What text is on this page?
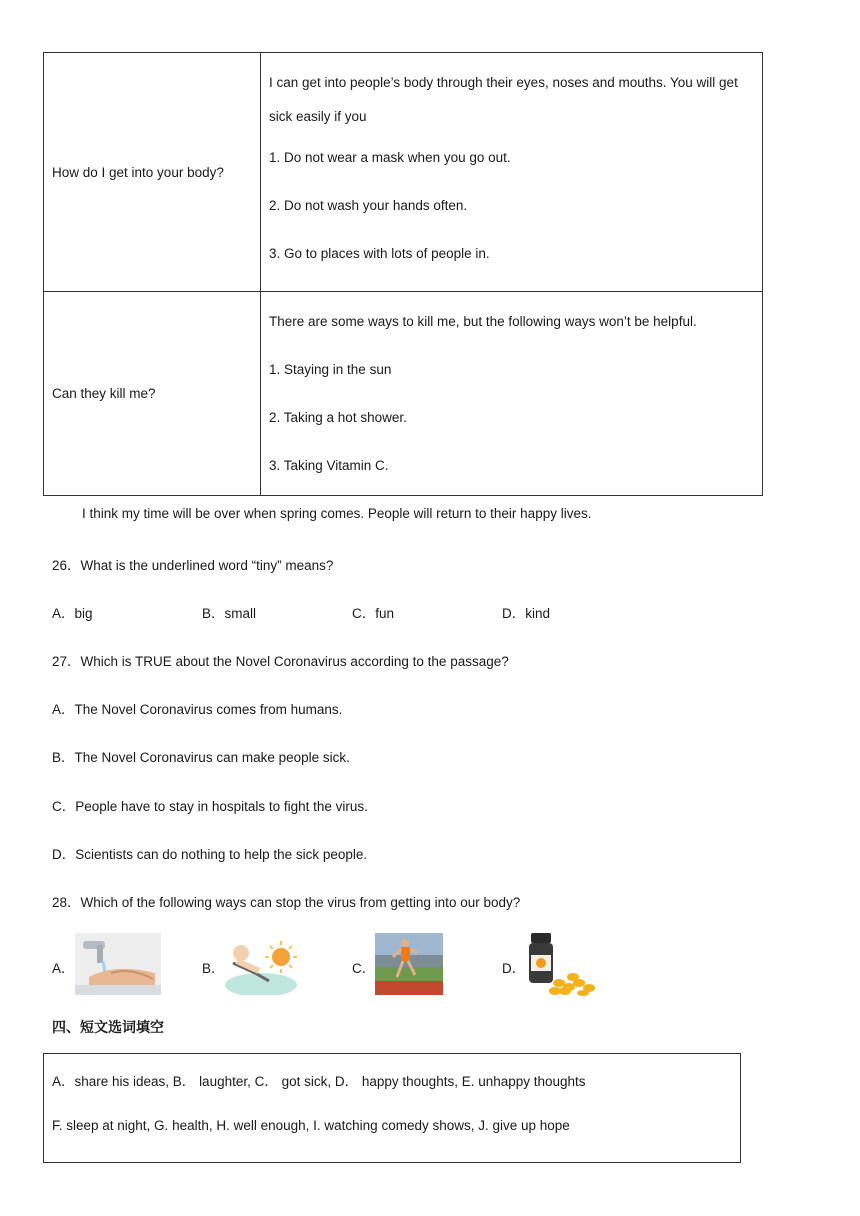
How do I get into your body?	I can get into people’s body through their eyes, noses and mouths. You will get

sick easily if you

1. Do not wear a mask when you go out.

2. Do not wash your hands often.

3. Go to places with lots of people in.

Can they kill me?	There are some ways to kill me, but the following ways won’t be helpful.

1. Staying in the sun

2. Taking a hot shower.

3. Taking Vitamin C.

I think my time will be over when spring comes. People will return to their happy lives.
26．What is the underlined word “tiny” means?
A．big	B．small	C．fun	D．kind
27．Which is TRUE about the Novel Coronavirus according to the passage?
A．The Novel Coronavirus comes from humans.
B．The Novel Coronavirus can make people sick.
C．People have to stay in hospitals to fight the virus.
D．Scientists can do nothing to help the sick people.
28．Which of the following ways can stop the virus from getting into our body?
A．	B．	C．	D．
四、短文选词填空

A．share his ideas, B． laughter, C． got sick, D． happy thoughts, E. unhappy thoughts

F. sleep at night, G. health, H. well enough, I. watching comedy shows, J. give up hope
